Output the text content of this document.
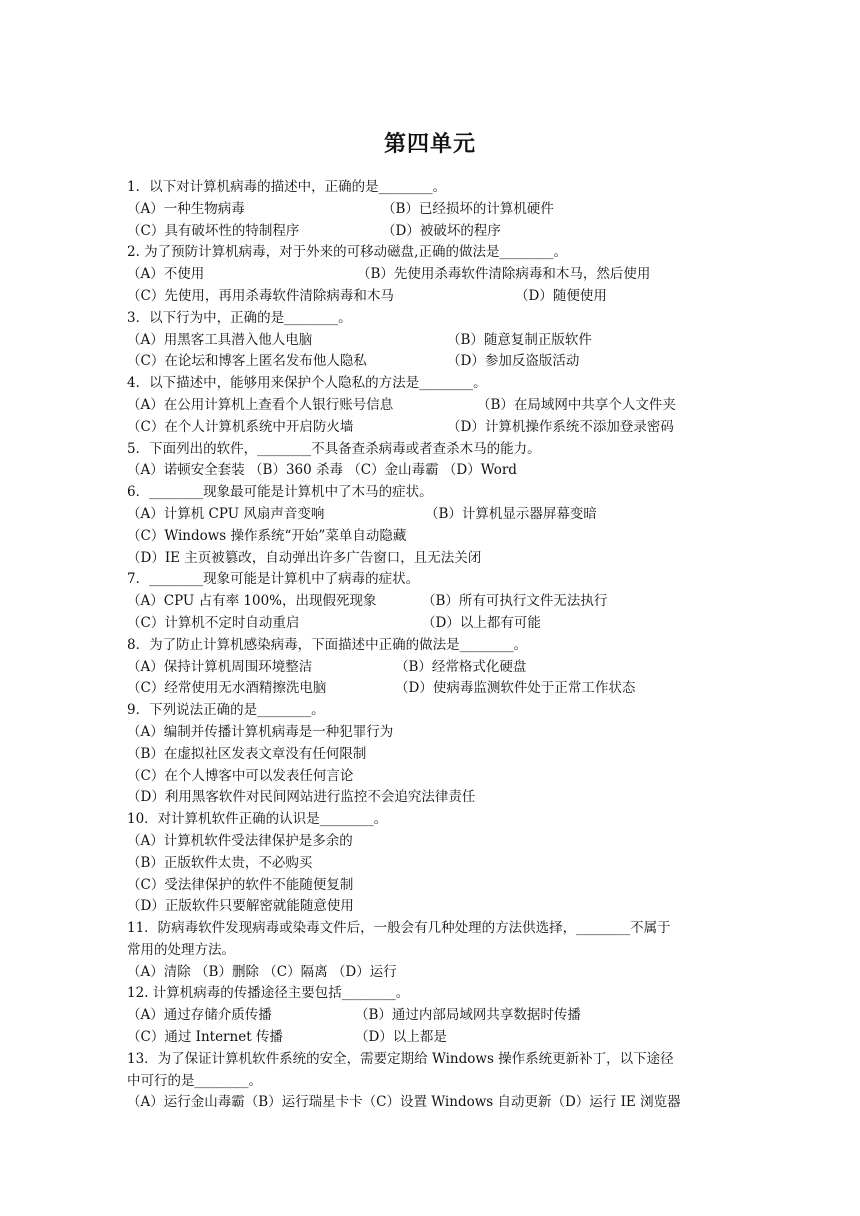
第四单元
1．以下对计算机病毒的描述中，正确的是________。
（A）一种生物病毒	（B）已经损坏的计算机硬件
（C）具有破坏性的特制程序	（D）被破坏的程序
2. 为了预防计算机病毒，对于外来的可移动磁盘,正确的做法是________。
（A）不使用	（B）先使用杀毒软件清除病毒和木马，然后使用
（C）先使用，再用杀毒软件清除病毒和木马	（D）随便使用
3．以下行为中，正确的是________。
（A）用黑客工具潜入他人电脑	（B）随意复制正版软件
（C）在论坛和博客上匿名发布他人隐私	（D）参加反盗版活动
4．以下描述中，能够用来保护个人隐私的方法是________。
（A）在公用计算机上查看个人银行账号信息	（B）在局域网中共享个人文件夹
（C）在个人计算机系统中开启防火墙	（D）计算机操作系统不添加登录密码
5．下面列出的软件，________不具备查杀病毒或者查杀木马的能力。
（A）诺顿安全套装 （B）360 杀毒 （C）金山毒霸 （D）Word
6．________现象最可能是计算机中了木马的症状。
（A）计算机 CPU 风扇声音变响	（B）计算机显示器屏幕变暗
（C）Windows 操作系统“开始”菜单自动隐藏
（D）IE 主页被篡改，自动弹出许多广告窗口，且无法关闭
7．________现象可能是计算机中了病毒的症状。
（A）CPU 占有率 100%，出现假死现象	（B）所有可执行文件无法执行
（C）计算机不定时自动重启	（D）以上都有可能
8．为了防止计算机感染病毒，下面描述中正确的做法是________。
（A）保持计算机周围环境整洁	（B）经常格式化硬盘
（C）经常使用无水酒精擦洗电脑	（D）使病毒监测软件处于正常工作状态
9．下列说法正确的是________。
（A）编制并传播计算机病毒是一种犯罪行为
（B）在虚拟社区发表文章没有任何限制
（C）在个人博客中可以发表任何言论
（D）利用黑客软件对民间网站进行监控不会追究法律责任
10．对计算机软件正确的认识是________。
（A）计算机软件受法律保护是多余的
（B）正版软件太贵，不必购买
（C）受法律保护的软件不能随便复制
（D）正版软件只要解密就能随意使用
11．防病毒软件发现病毒或染毒文件后，一般会有几种处理的方法供选择，________不属于
常用的处理方法。
（A）清除 （B）删除 （C）隔离 （D）运行
12. 计算机病毒的传播途径主要包括________。
（A）通过存储介质传播	（B）通过内部局域网共享数据时传播
（C）通过 Internet 传播	（D）以上都是
13．为了保证计算机软件系统的安全，需要定期给 Windows 操作系统更新补丁，以下途径
中可行的是________。
（A）运行金山毒霸（B）运行瑞星卡卡（C）设置 Windows 自动更新（D）运行 IE 浏览器
